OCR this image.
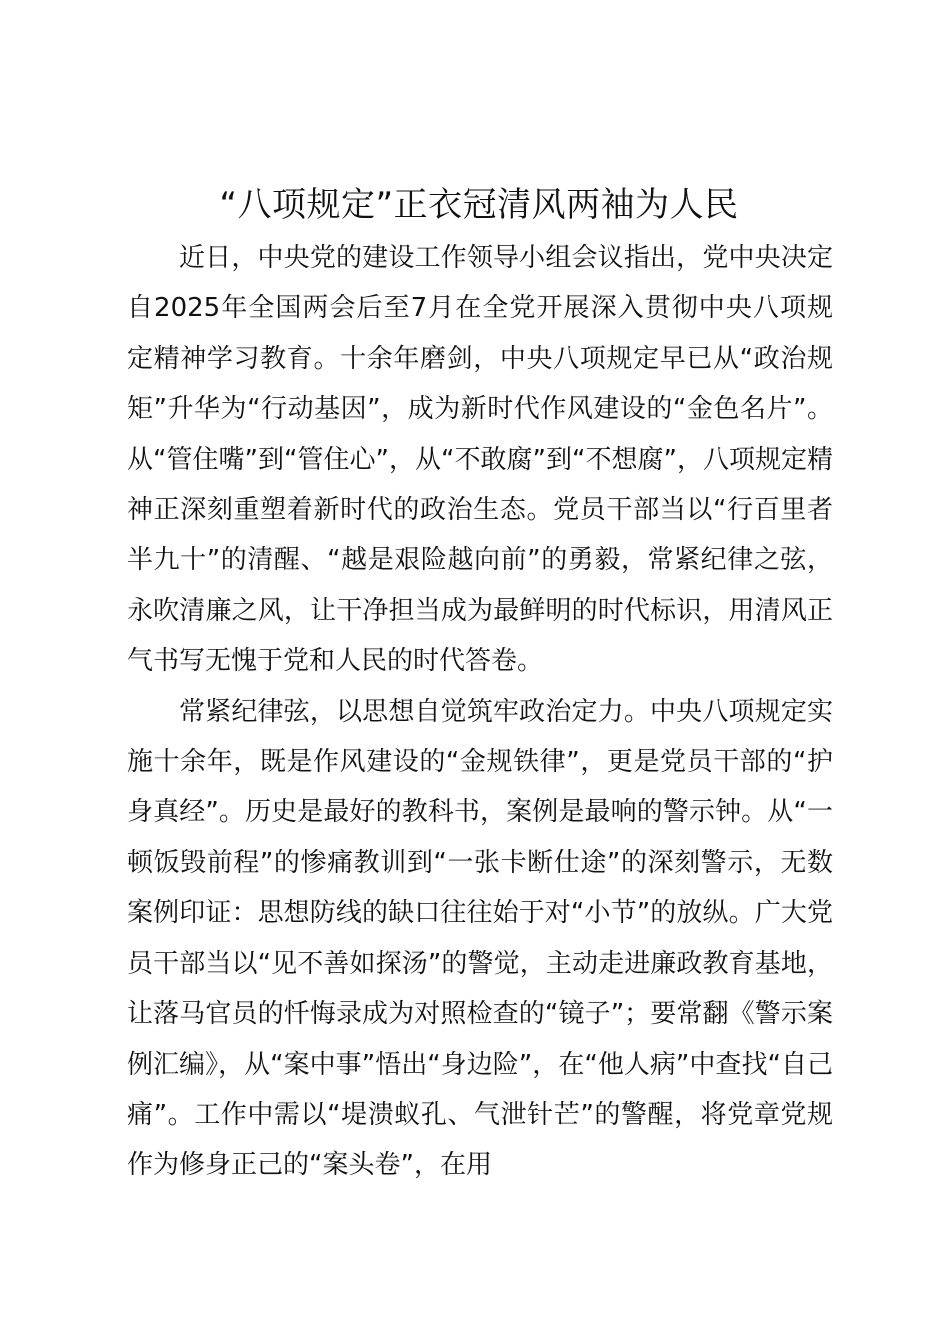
“八项规定”正衣冠清风两袖为人民

近日，中央党的建设工作领导小组会议指出，党中央决定自2025年全国两会后至7月在全党开展深入贯彻中央八项规定精神学习教育。十余年磨剑，中央八项规定早已从“政治规矩”升华为“行动基因”，成为新时代作风建设的“金色名片”。从“管住嘴”到“管住心”，从“不敢腐”到“不想腐”，八项规定精神正深刻重塑着新时代的政治生态。党员干部当以“行百里者半九十”的清醒、“越是艰险越向前”的勇毅，常紧纪律之弦，永吹清廉之风，让干净担当成为最鲜明的时代标识，用清风正气书写无愧于党和人民的时代答卷。

常紧纪律弦，以思想自觉筑牢政治定力。中央八项规定实施十余年，既是作风建设的“金规铁律”，更是党员干部的“护身真经”。历史是最好的教科书，案例是最响的警示钟。从“一顿饭毁前程”的惨痛教训到“一张卡断仕途”的深刻警示，无数案例印证：思想防线的缺口往往始于对“小节”的放纵。广大党员干部当以“见不善如探汤”的警觉，主动走进廉政教育基地，让落马官员的忏悔录成为对照检查的“镜子”；要常翻《警示案例汇编》，从“案中事”悟出“身边险”，在“他人病”中查找“自己痛”。工作中需以“堤溃蚁孔、气泄针芒”的警醒，将党章党规作为修身正己的“案头卷”，在用
